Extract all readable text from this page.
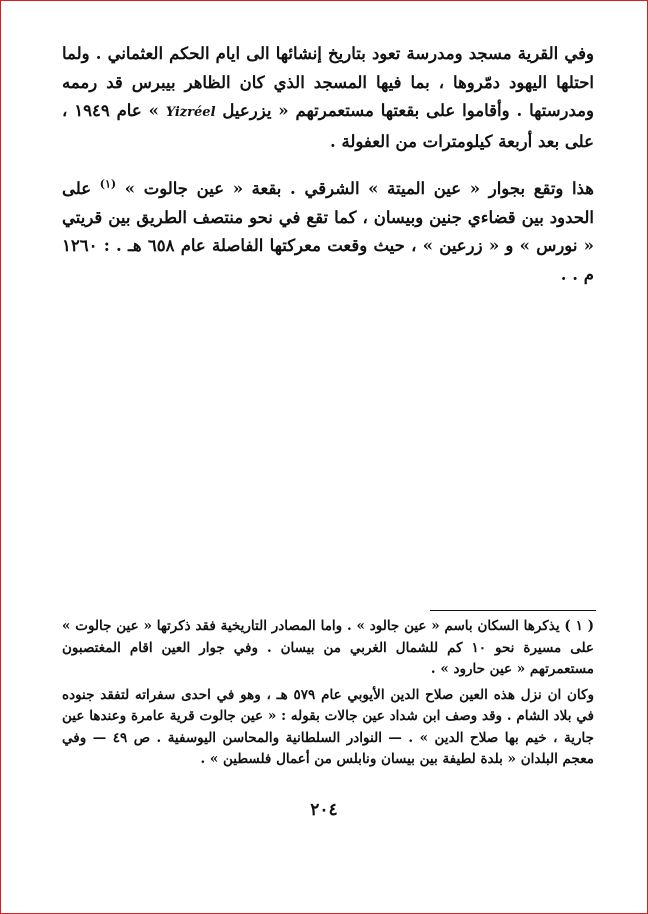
وفي القرية مسجد ومدرسة تعود بتاريخ إنشائها الى ايام الحكم العثماني . ولما احتلها اليهود دمّروها ، بما فيها المسجد الذي كان الظاهر بيبرس قد رممه ومدرستها . وأقاموا على بقعتها مستعمرتهم « يزرعيل Yizréel » عام ١٩٤٩ ، على بعد أربعة كيلومترات من العفولة .
هذا وتقع بجوار « عين الميتة » الشرقي . بقعة « عين جالوت » $^{(١)}$ على الحدود بين قضاءي جنين وبيسان ، كما تقع في نحو منتصف الطريق بين قريتي « نورس » و « زرعين » ، حيث وقعت معركتها الفاصلة عام ٦٥٨ هـ . : ١٢٦٠ م . .

( ١ ) يذكرها السكان باسم « عين جالود » . واما المصادر التاريخية فقد ذكرتها « عين جالوت » على مسيرة نحو ١٠ كم للشمال الغربي من بيسان . وفي جوار العين اقام المغتصبون مستعمرتهم « عين حارود » .

وكان ان نزل هذه العين صلاح الدين الأيوبي عام ٥٧٩ هـ ، وهو في احدى سفراته لتفقد جنوده في بلاد الشام . وقد وصف ابن شداد عين جالات بقوله : « عين جالوت قرية عامرة وعندها عين جارية ، خيم بها صلاح الدين » . — النوادر السلطانية والمحاسن اليوسفية . ص ٤٩ — وفي معجم البلدان « بلدة لطيفة بين بيسان ونابلس من أعمال فلسطين » .

٢٠٤
